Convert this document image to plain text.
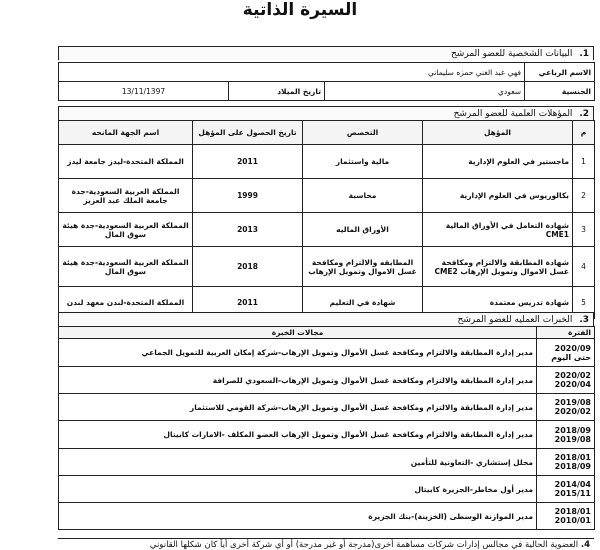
السيرة الذاتية
1. البيانات الشخصية للعضو المرشح
الاسم الرباعي	فهي عبد الغني حمزه سليماني		
الجنسية	سعودي	تاريخ الميلاد	13/11/1397
2. المؤهلات العلمية للعضو المرشح
م	المؤهل	التخصص	تاريخ الحصول على المؤهل	اسم الجهة المانحه
1	ماجستير في العلوم الإدارية	مالية واستثمار	2011	المملكة المتحدة-ليدز جامعة ليدز
2	بكالوريوس في العلوم الإدارية	محاسبة	1999	المملكة العربية السعودية-جدة جامعة الملك عبد العزيز
3	شهادة التعامل في الأوراق المالية CME1	الأوراق الماليه	2013	المملكة العربية السعودية-جدة هيئة سوق المال
4	شهادة المطابقة والالتزام ومكافحة غسل الاموال وتمويل الإرهاب CME2	المطابقه والالتزام ومكافحة غسل الاموال وتمويل الإرهاب	2018	المملكة العربية السعودية-جدة هيئة سوق المال
5	شهادة تدريس معتمدة	شهادة في التعليم	2011	المملكة المتحدة-لندن معهد لندن
3. الخبرات العمليه للعضو المرشح
الفترة	مجالات الخبرة
2020/09
حتى اليوم	مدير إدارة المطابقة والالتزام ومكافحة غسل الأموال وتمويل الإرهاب-شركة إمكان العربية للتمويل الجماعي
2020/02
2020/04	مدير إدارة المطابقة والالتزام ومكافحة غسل الأموال وتمويل الإرهاب-السعودي للصرافة
2019/08
2020/02	مدير إدارة المطابقة والالتزام ومكافحة غسل الأموال وتمويل الإرهاب-شركة القومي للاستثمار
2018/09
2019/08	مدير إدارة المطابقة والالتزام ومكافحة غسل الأموال وتمويل الإرهاب العضو المكلف -الامارات كابيتال
2018/01
2018/09	محلل إستشاري -التعاونية للتأمين
2014/04
2015/11	مدير أول مخاطر-الجزيرة كابيتال
2018/01
2010/01	مدير الموازنة الوسطى (الخزينة)-بنك الجزيرة
4. العضوية الحالية في مجالس إدارات شركات مساهمة أخرى(مدرجة أو غير مدرجة) أو أي شركة أخرى أياً كان شكلها القانوني
